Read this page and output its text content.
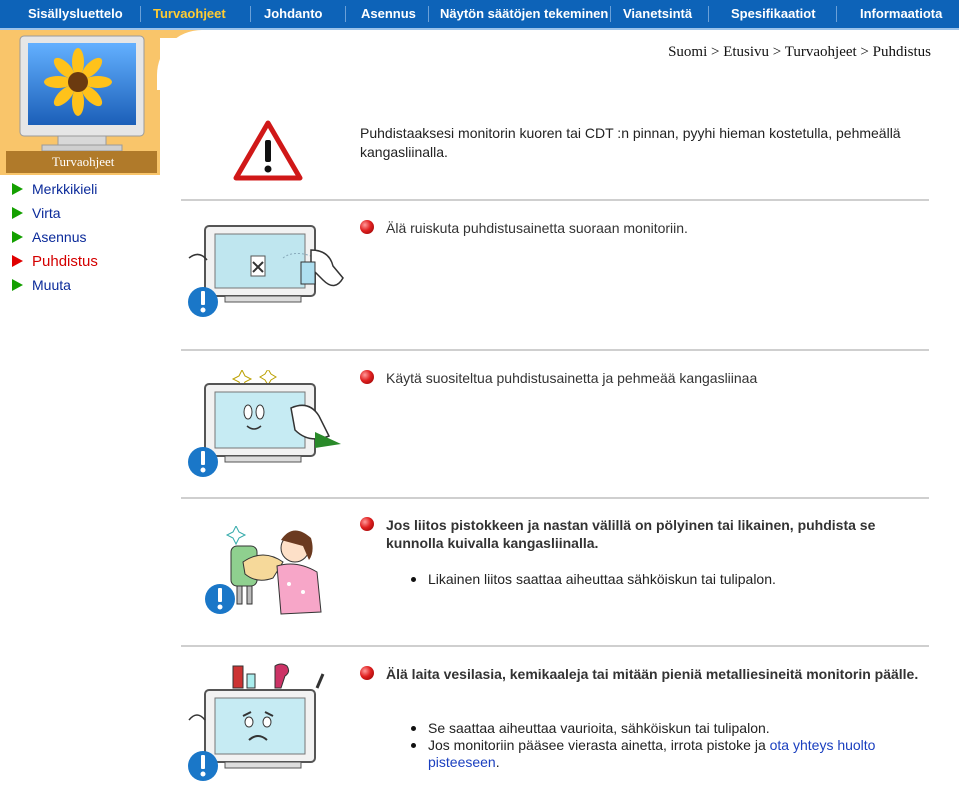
Sisällysluettelo Turvaohjeet	Johdanto	Asennus Näytön säätöjen tekeminen Vianetsintä	Spesifikaatiot	Informaatiota
Suomi > Etusivu > Turvaohjeet > Puhdistus
Turvaohjeet
Merkkikieli
Virta
Asennus
Puhdistus
Muuta
Puhdistaaksesi monitorin kuoren tai CDT :n pinnan, pyyhi hieman kostetulla, pehmeällä kangasliinalla.
Älä ruiskuta puhdistusainetta suoraan monitoriin.
Käytä suositeltua puhdistusainetta ja pehmeää kangasliinaa
Jos liitos pistokkeen ja nastan välillä on pölyinen tai likainen, puhdista se kunnolla kuivalla kangasliinalla.
Likainen liitos saattaa aiheuttaa sähköiskun tai tulipalon.
Älä laita vesilasia, kemikaaleja tai mitään pieniä metalliesineitä monitorin päälle.
Se saattaa aiheuttaa vaurioita, sähköiskun tai tulipalon.
Jos monitoriin pääsee vierasta ainetta, irrota pistoke ja ota yhteys huolto pisteeseen.
